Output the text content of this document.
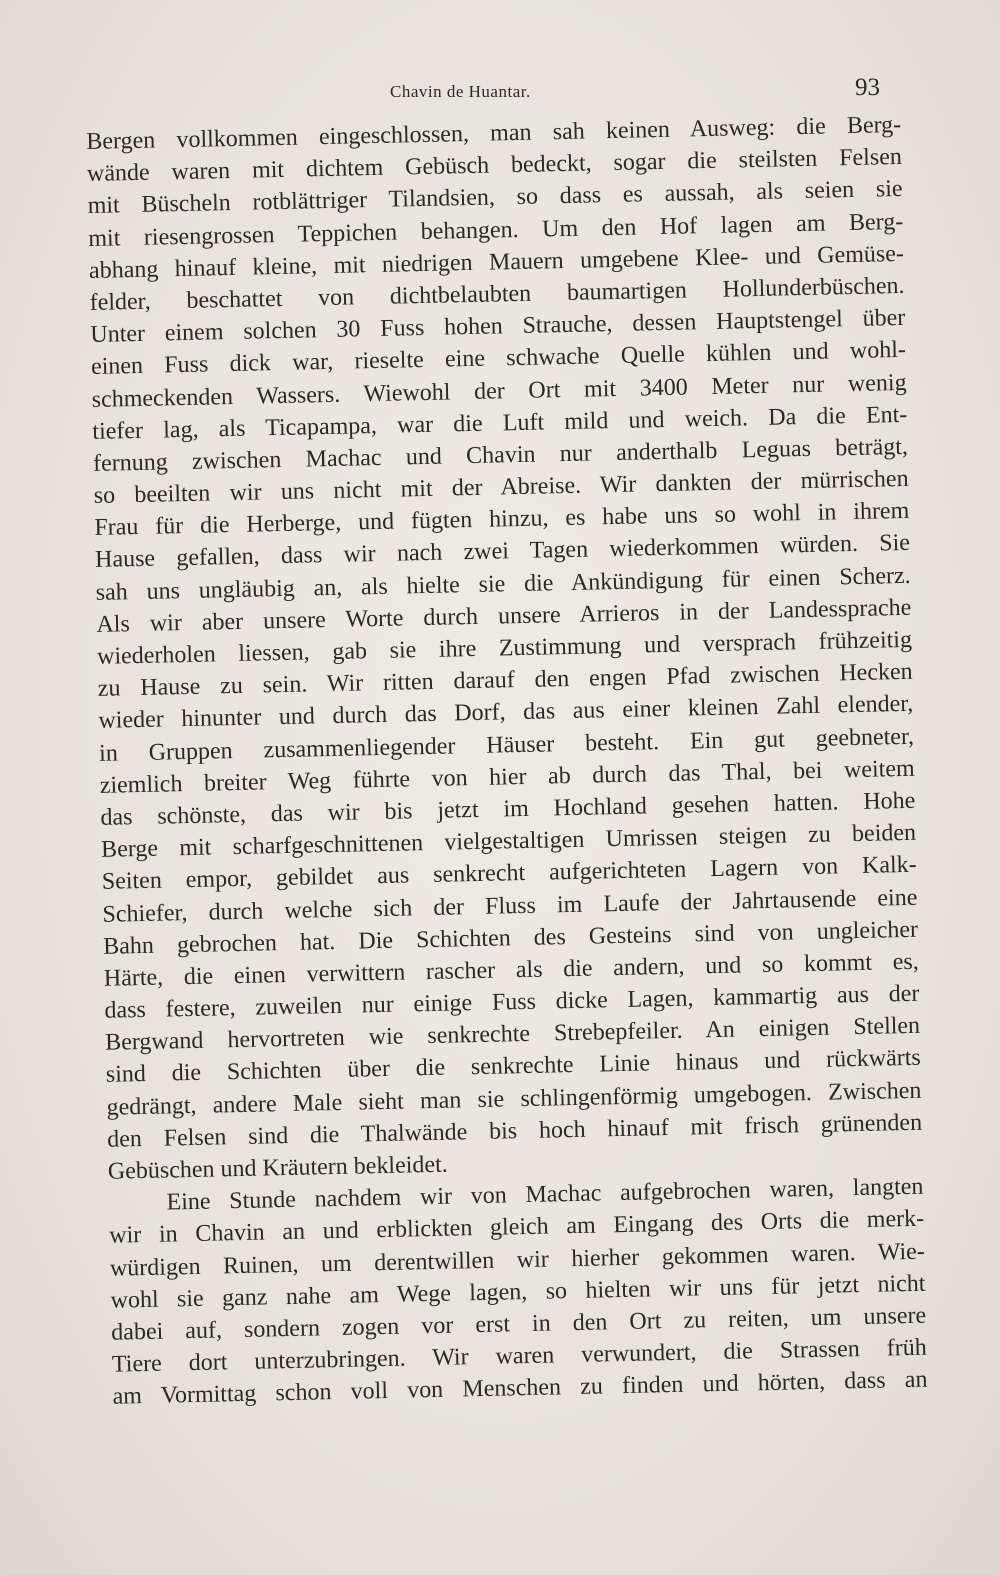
Chavin de Huantar.	93
Bergen vollkommen eingeschlossen, man sah keinen Ausweg: die Berg-
wände waren mit dichtem Gebüsch bedeckt, sogar die steilsten Felsen
mit Büscheln rotblättriger Tilandsien, so dass es aussah, als seien sie
mit riesengrossen Teppichen behangen. Um den Hof lagen am Berg-
abhang hinauf kleine, mit niedrigen Mauern umgebene Klee- und Gemüse-
felder, beschattet von dichtbelaubten baumartigen Hollunderbüschen.
Unter einem solchen 30 Fuss hohen Strauche, dessen Hauptstengel über
einen Fuss dick war, rieselte eine schwache Quelle kühlen und wohl-
schmeckenden Wassers. Wiewohl der Ort mit 3400 Meter nur wenig
tiefer lag, als Ticapampa, war die Luft mild und weich. Da die Ent-
fernung zwischen Machac und Chavin nur anderthalb Leguas beträgt,
so beeilten wir uns nicht mit der Abreise. Wir dankten der mürrischen
Frau für die Herberge, und fügten hinzu, es habe uns so wohl in ihrem
Hause gefallen, dass wir nach zwei Tagen wiederkommen würden. Sie
sah uns ungläubig an, als hielte sie die Ankündigung für einen Scherz.
Als wir aber unsere Worte durch unsere Arrieros in der Landessprache
wiederholen liessen, gab sie ihre Zustimmung und versprach frühzeitig
zu Hause zu sein. Wir ritten darauf den engen Pfad zwischen Hecken
wieder hinunter und durch das Dorf, das aus einer kleinen Zahl elender,
in Gruppen zusammenliegender Häuser besteht. Ein gut geebneter,
ziemlich breiter Weg führte von hier ab durch das Thal, bei weitem
das schönste, das wir bis jetzt im Hochland gesehen hatten. Hohe
Berge mit scharfgeschnittenen vielgestaltigen Umrissen steigen zu beiden
Seiten empor, gebildet aus senkrecht aufgerichteten Lagern von Kalk-
Schiefer, durch welche sich der Fluss im Laufe der Jahrtausende eine
Bahn gebrochen hat. Die Schichten des Gesteins sind von ungleicher
Härte, die einen verwittern rascher als die andern, und so kommt es,
dass festere, zuweilen nur einige Fuss dicke Lagen, kammartig aus der
Bergwand hervortreten wie senkrechte Strebepfeiler. An einigen Stellen
sind die Schichten über die senkrechte Linie hinaus und rückwärts
gedrängt, andere Male sieht man sie schlingenförmig umgebogen. Zwischen
den Felsen sind die Thalwände bis hoch hinauf mit frisch grünenden
Gebüschen und Kräutern bekleidet.
Eine Stunde nachdem wir von Machac aufgebrochen waren, langten
wir in Chavin an und erblickten gleich am Eingang des Orts die merk-
würdigen Ruinen, um derentwillen wir hierher gekommen waren. Wie-
wohl sie ganz nahe am Wege lagen, so hielten wir uns für jetzt nicht
dabei auf, sondern zogen vor erst in den Ort zu reiten, um unsere
Tiere dort unterzubringen. Wir waren verwundert, die Strassen früh
am Vormittag schon voll von Menschen zu finden und hörten, dass an
